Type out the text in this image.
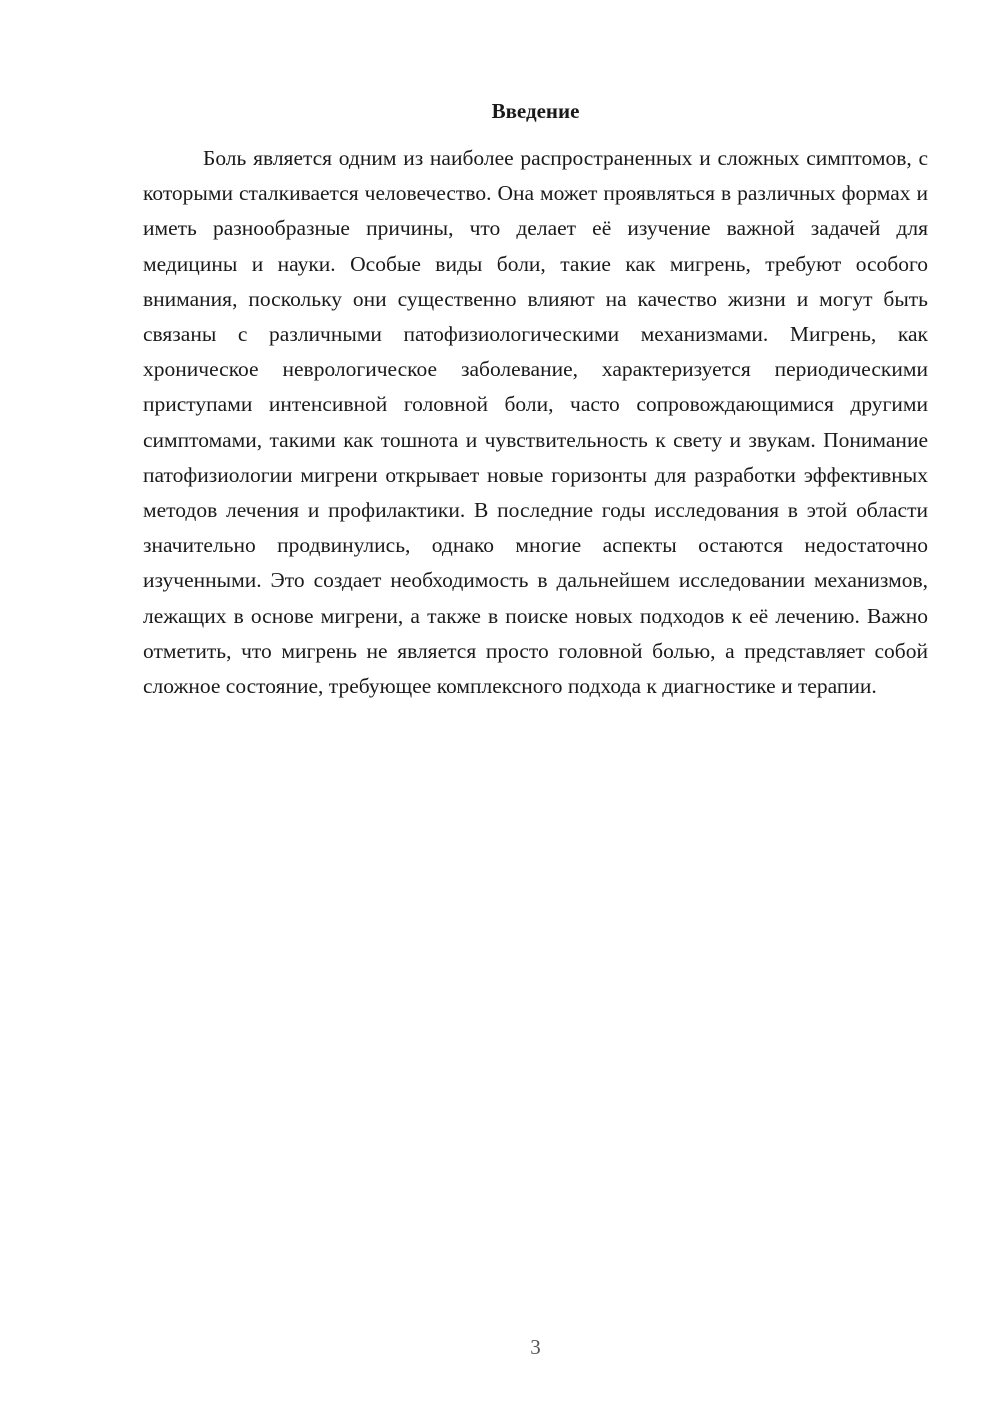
Введение

Боль является одним из наиболее распространенных и сложных симптомов, с которыми сталкивается человечество. Она может проявляться в различных формах и иметь разнообразные причины, что делает её изучение важной задачей для медицины и науки. Особые виды боли, такие как мигрень, требуют особого внимания, поскольку они существенно влияют на качество жизни и могут быть связаны с различными патофизиологическими механизмами. Мигрень, как хроническое неврологическое заболевание, характеризуется периодическими приступами интенсивной головной боли, часто сопровождающимися другими симптомами, такими как тошнота и чувствительность к свету и звукам. Понимание патофизиологии мигрени открывает новые горизонты для разработки эффективных методов лечения и профилактики. В последние годы исследования в этой области значительно продвинулись, однако многие аспекты остаются недостаточно изученными. Это создает необходимость в дальнейшем исследовании механизмов, лежащих в основе мигрени, а также в поиске новых подходов к её лечению. Важно отметить, что мигрень не является просто головной болью, а представляет собой сложное состояние, требующее комплексного подхода к диагностике и терапии.

3
